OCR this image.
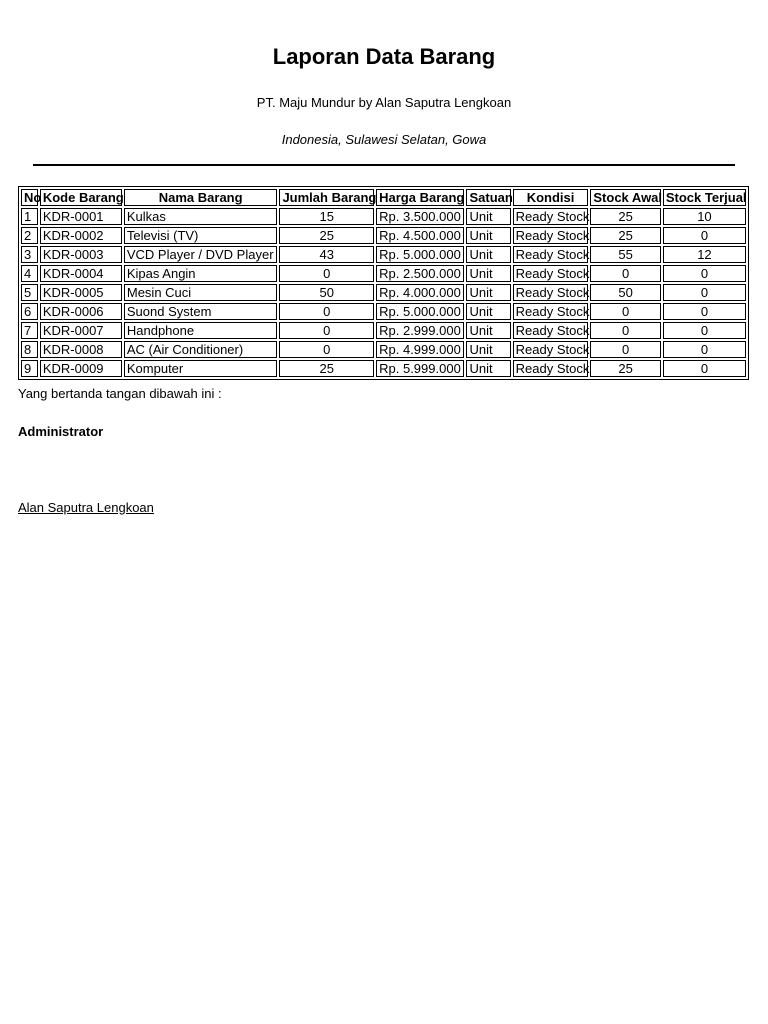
Laporan Data Barang
PT. Maju Mundur by Alan Saputra Lengkoan
Indonesia, Sulawesi Selatan, Gowa
No	Kode Barang	Nama Barang	Jumlah Barang	Harga Barang	Satuan	Kondisi	Stock Awal	Stock Terjual
1	KDR-0001	Kulkas	15	Rp. 3.500.000	Unit	Ready Stock	25	10
2	KDR-0002	Televisi (TV)	25	Rp. 4.500.000	Unit	Ready Stock	25	0
3	KDR-0003	VCD Player / DVD Player	43	Rp. 5.000.000	Unit	Ready Stock	55	12
4	KDR-0004	Kipas Angin	0	Rp. 2.500.000	Unit	Ready Stock	0	0
5	KDR-0005	Mesin Cuci	50	Rp. 4.000.000	Unit	Ready Stock	50	0
6	KDR-0006	Suond System	0	Rp. 5.000.000	Unit	Ready Stock	0	0
7	KDR-0007	Handphone	0	Rp. 2.999.000	Unit	Ready Stock	0	0
8	KDR-0008	AC (Air Conditioner)	0	Rp. 4.999.000	Unit	Ready Stock	0	0
9	KDR-0009	Komputer	25	Rp. 5.999.000	Unit	Ready Stock	25	0
Yang bertanda tangan dibawah ini :
Administrator
Alan Saputra Lengkoan
